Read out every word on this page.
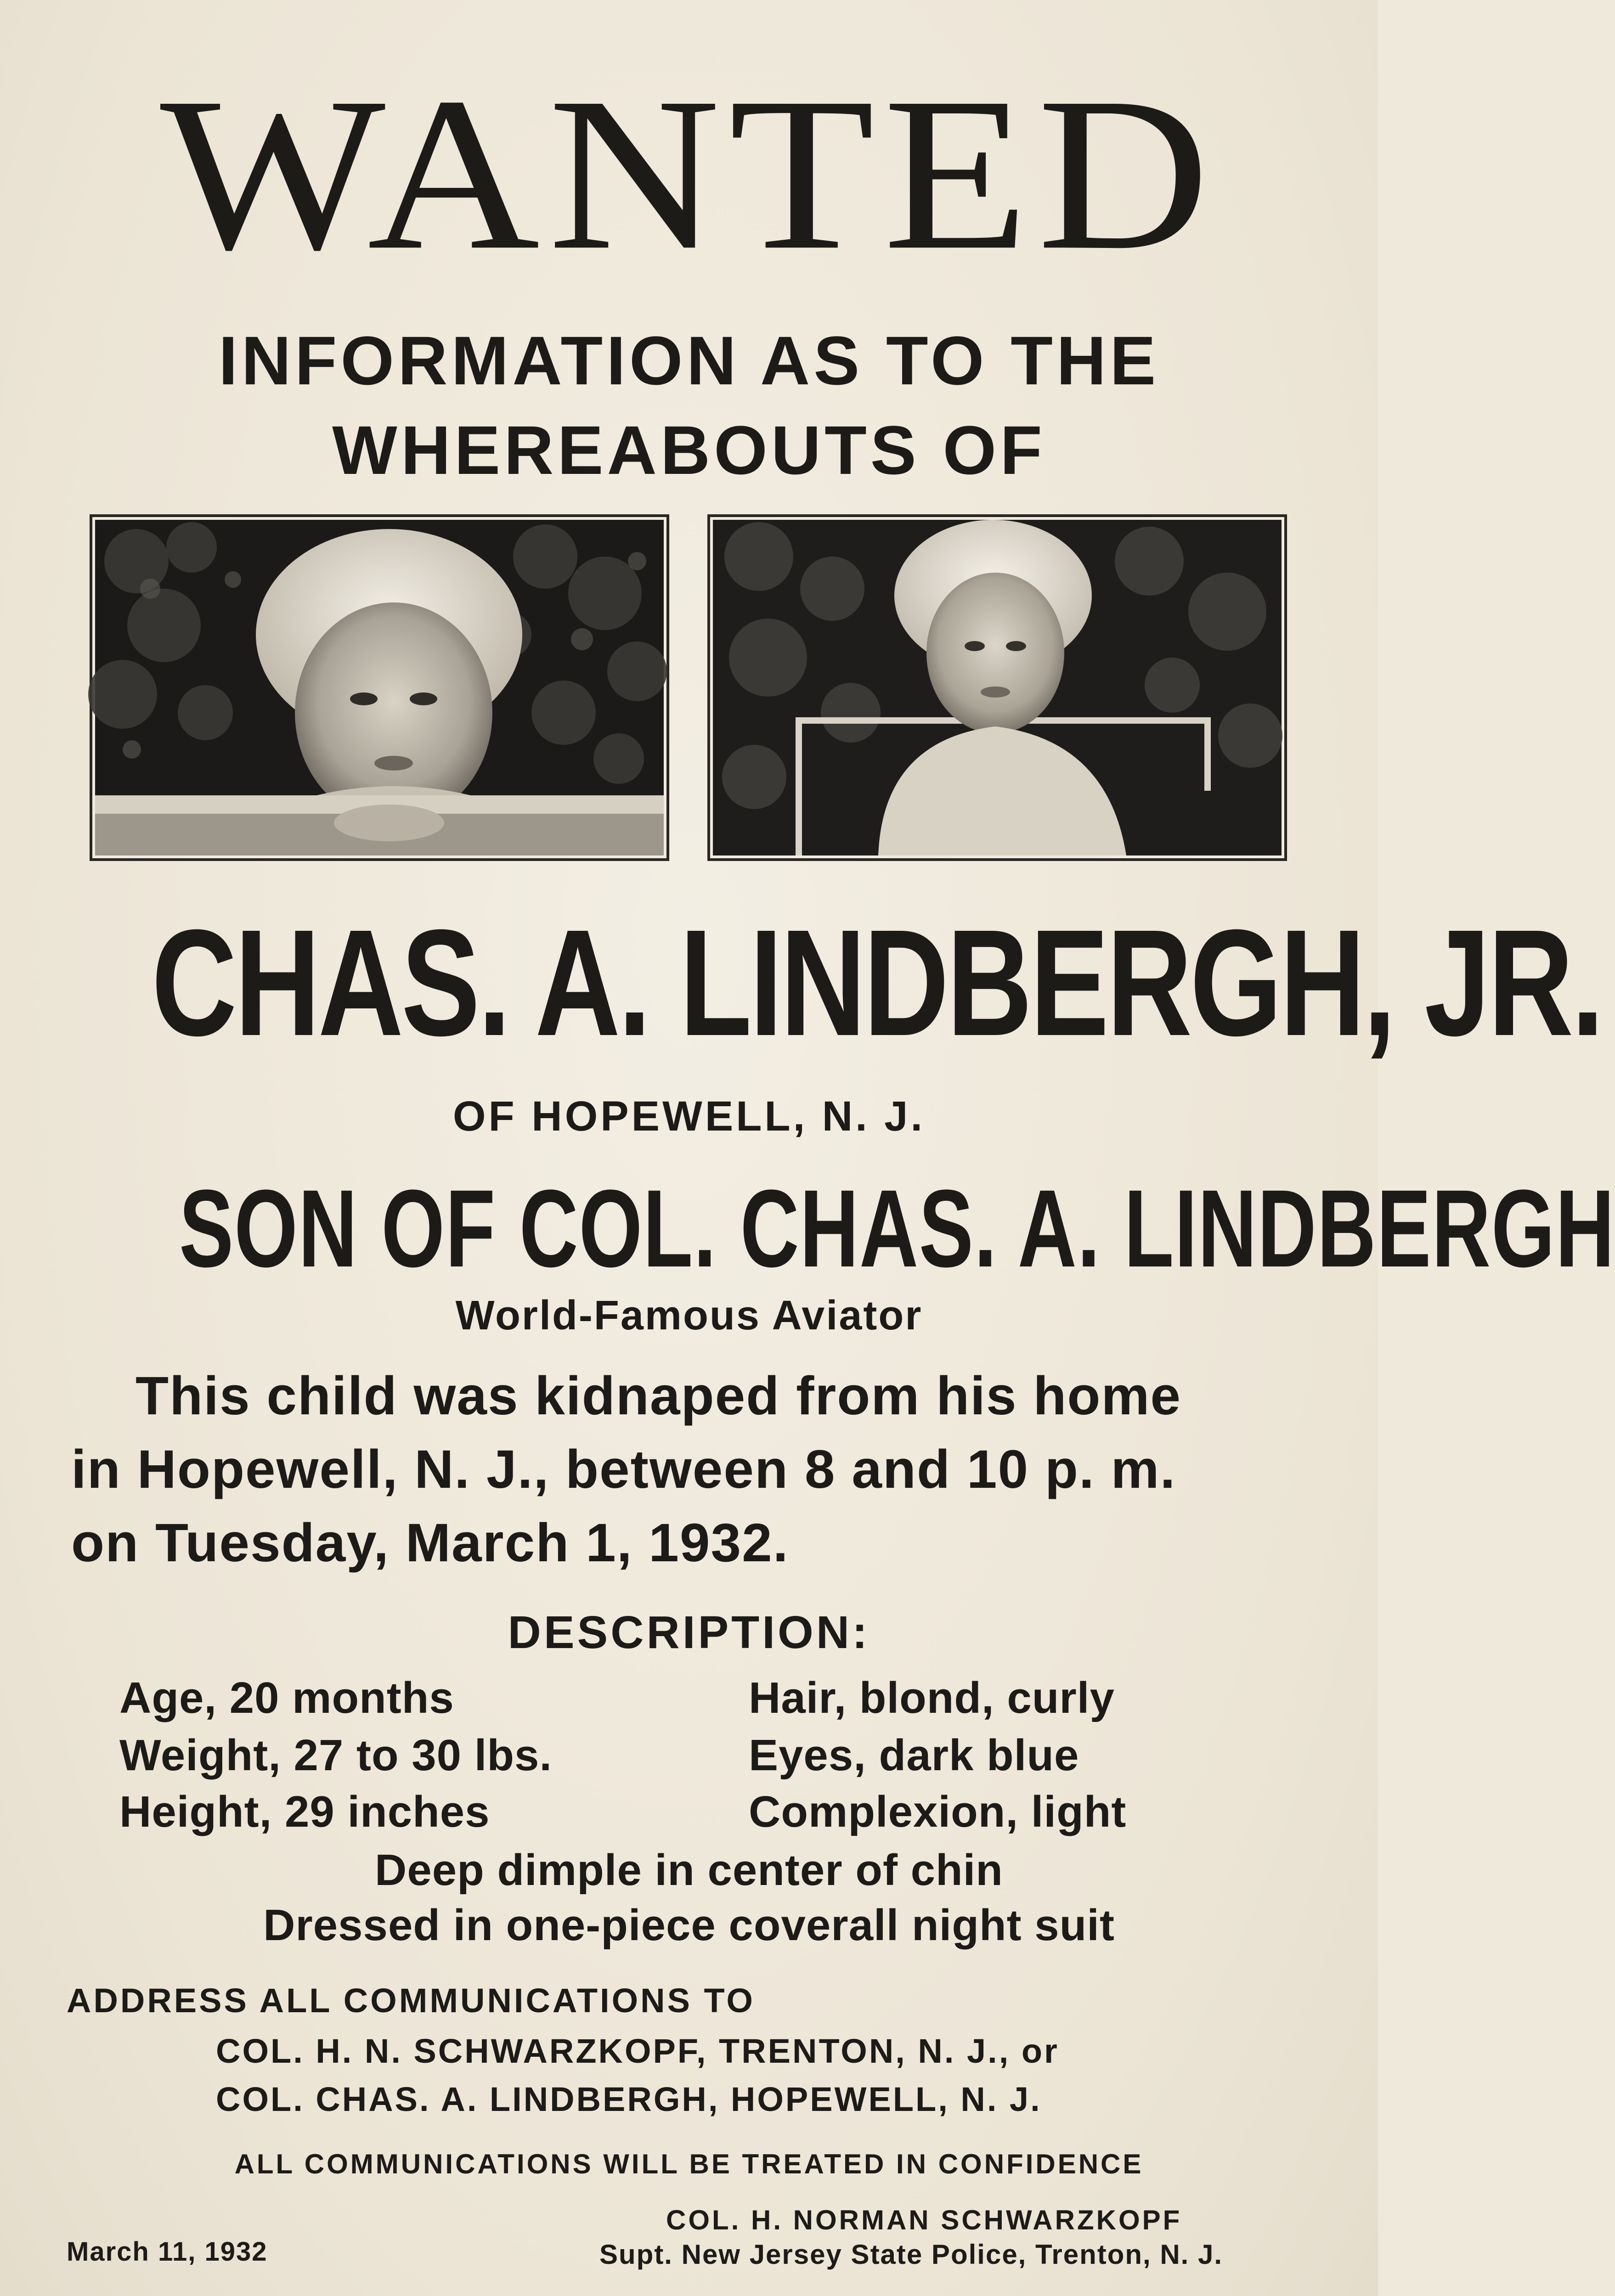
WANTED
INFORMATION AS TO THE
WHEREABOUTS OF
CHAS. A. LINDBERGH, JR.
OF HOPEWELL, N. J.
SON OF COL. CHAS. A. LINDBERGH
World-Famous Aviator
This child was kidnaped from his home
in Hopewell, N. J., between 8 and 10 p. m.
on Tuesday, March 1, 1932.
DESCRIPTION:
Age, 20 months
Weight, 27 to 30 lbs.
Height, 29 inches
Hair, blond, curly
Eyes, dark blue
Complexion, light
Deep dimple in center of chin
Dressed in one-piece coverall night suit
ADDRESS ALL COMMUNICATIONS TO
COL. H. N. SCHWARZKOPF, TRENTON, N. J., or
COL. CHAS. A. LINDBERGH, HOPEWELL, N. J.
ALL COMMUNICATIONS WILL BE TREATED IN CONFIDENCE
March 11, 1932
COL. H. NORMAN SCHWARZKOPF
Supt. New Jersey State Police, Trenton, N. J.
